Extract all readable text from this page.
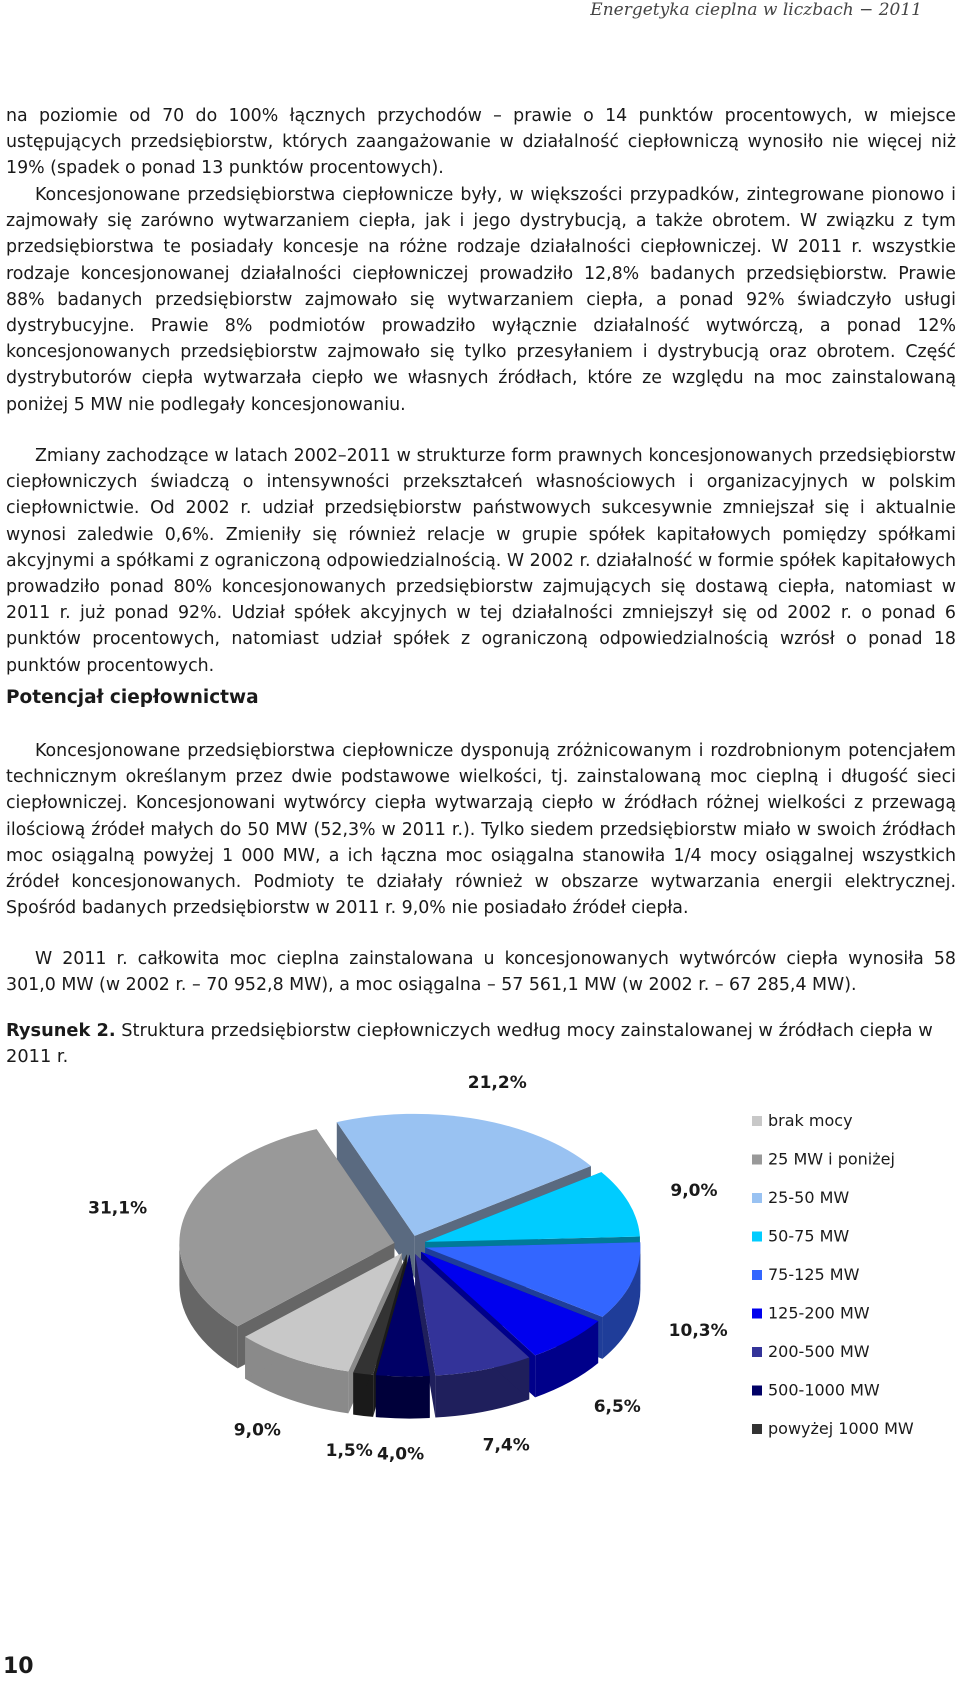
Energetyka cieplna w liczbach − 2011

na poziomie od 70 do 100% łącznych przychodów – prawie o 14 punktów procentowych, w miejsce ustępujących przedsiębiorstw, których zaangażowanie w działalność ciepłowniczą wynosiło nie więcej niż 19% (spadek o ponad 13 punktów procentowych).

Koncesjonowane przedsiębiorstwa ciepłownicze były, w większości przypadków, zintegrowane pionowo i zajmowały się zarówno wytwarzaniem ciepła, jak i jego dystrybucją, a także obrotem. W związku z tym przedsiębiorstwa te posiadały koncesje na różne rodzaje działalności ciepłowniczej. W 2011 r. wszystkie rodzaje koncesjonowanej działalności ciepłowniczej prowadziło 12,8% badanych przedsiębiorstw. Prawie 88% badanych przedsiębiorstw zajmowało się wytwarzaniem ciepła, a ponad 92% świadczyło usługi dystrybucyjne. Prawie 8% podmiotów prowadziło wyłącznie działalność wytwórczą, a ponad 12% koncesjonowanych przedsiębiorstw zajmowało się tylko przesyłaniem i dystrybucją oraz obrotem. Część dystrybutorów ciepła wytwarzała ciepło we własnych źródłach, które ze względu na moc zainstalowaną poniżej 5 MW nie podlegały koncesjonowaniu.

Zmiany zachodzące w latach 2002–2011 w strukturze form prawnych koncesjonowanych przedsiębiorstw ciepłowniczych świadczą o intensywności przekształceń własnościowych i organizacyjnych w polskim ciepłownictwie. Od 2002 r. udział przedsiębiorstw państwowych sukcesywnie zmniejszał się i aktualnie wynosi zaledwie 0,6%. Zmieniły się również relacje w grupie spółek kapitałowych pomiędzy spółkami akcyjnymi a spółkami z ograniczoną odpowiedzialnością. W 2002 r. działalność w formie spółek kapitałowych prowadziło ponad 80% koncesjonowanych przedsiębiorstw zajmujących się dostawą ciepła, natomiast w 2011 r. już ponad 92%. Udział spółek akcyjnych w tej działalności zmniejszył się od 2002 r. o ponad 6 punktów procentowych, natomiast udział spółek z ograniczoną odpowiedzialnością wzrósł o ponad 18 punktów procentowych.

Potencjał ciepłownictwa

Koncesjonowane przedsiębiorstwa ciepłownicze dysponują zróżnicowanym i rozdrobnionym potencjałem technicznym określanym przez dwie podstawowe wielkości, tj. zainstalowaną moc cieplną i długość sieci ciepłowniczej. Koncesjonowani wytwórcy ciepła wytwarzają ciepło w źródłach różnej wielkości z przewagą ilościową źródeł małych do 50 MW (52,3% w 2011 r.). Tylko siedem przedsiębiorstw miało w swoich źródłach moc osiągalną powyżej 1 000 MW, a ich łączna moc osiągalna stanowiła 1/4 mocy osiągalnej wszystkich źródeł koncesjonowanych. Podmioty te działały również w obszarze wytwarzania energii elektrycznej. Spośród badanych przedsiębiorstw w 2011 r. 9,0% nie posiadało źródeł ciepła.

W 2011 r. całkowita moc cieplna zainstalowana u koncesjonowanych wytwórców ciepła wynosiła 58 301,0 MW (w 2002 r. – 70 952,8 MW), a moc osiągalna – 57 561,1 MW (w 2002 r. – 67 285,4 MW).

Rysunek 2. Struktura przedsiębiorstw ciepłowniczych według mocy zainstalowanej w źródłach ciepła w 2011 r.

9,0%
31,1%
21,2%
9,0%
10,3%
6,5%
7,4%
4,0%
1,5%
brak mocy
25 MW i poniżej
25-50 MW
50-75 MW
75-125 MW
125-200 MW
200-500 MW
500-1000 MW
powyżej 1000 MW
10
